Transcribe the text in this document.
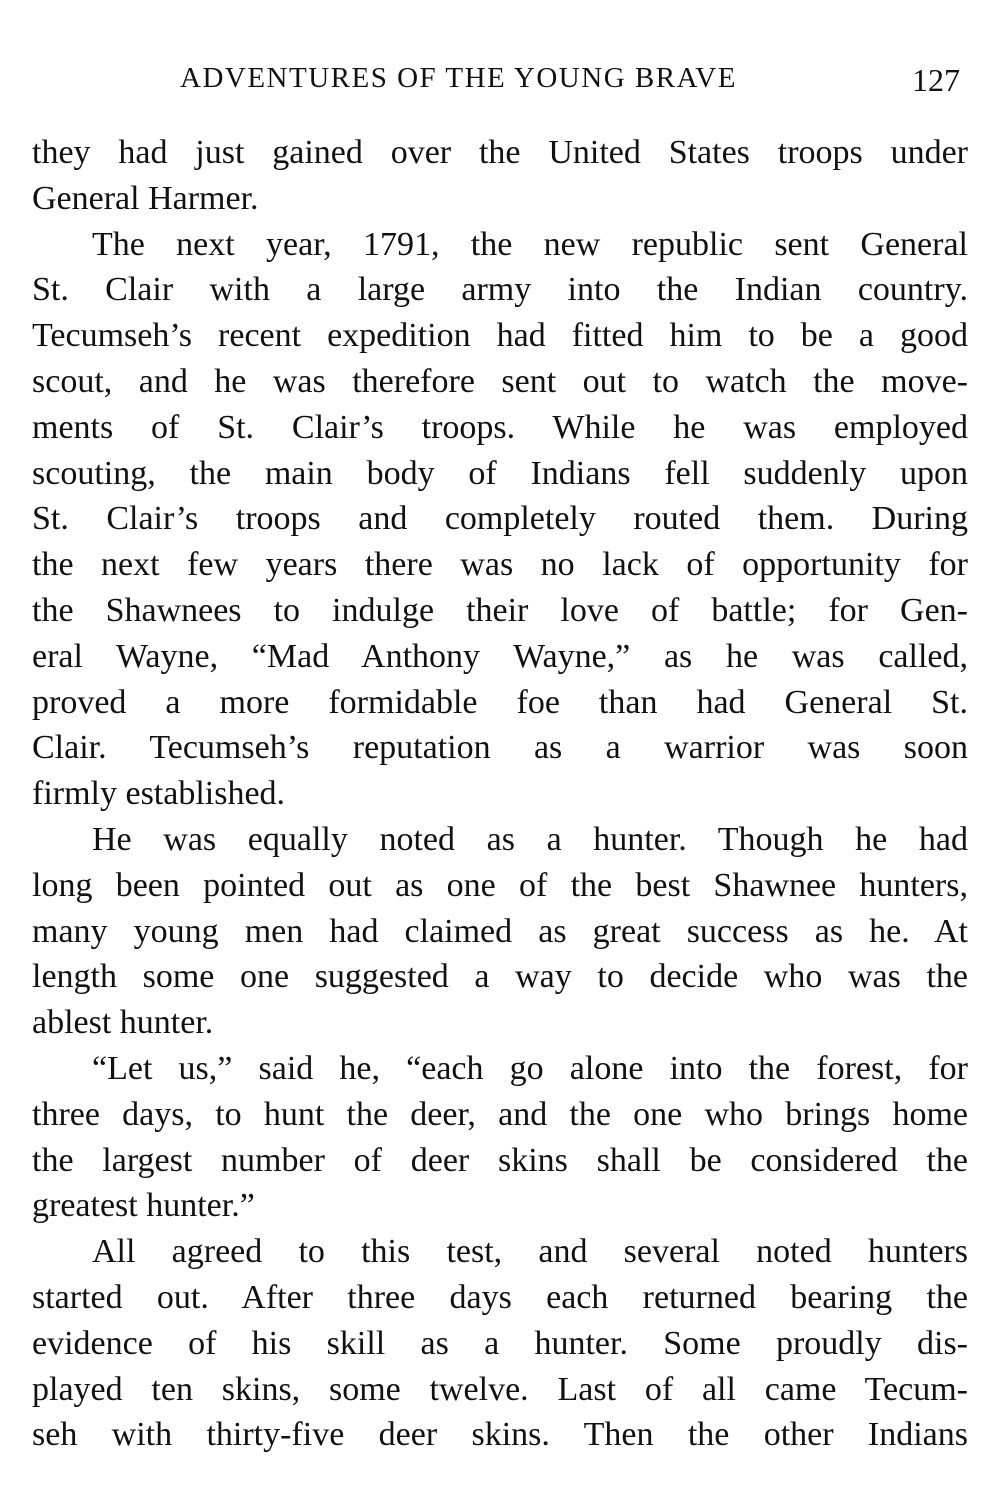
ADVENTURES OF THE YOUNG BRAVE	127
they had just gained over the United States troops under
General Harmer.
The next year, 1791, the new republic sent General
St. Clair with a large army into the Indian country.
Tecumseh’s recent expedition had fitted him to be a good
scout, and he was therefore sent out to watch the move-
ments of St. Clair’s troops. While he was employed
scouting, the main body of Indians fell suddenly upon
St. Clair’s troops and completely routed them. During
the next few years there was no lack of opportunity for
the Shawnees to indulge their love of battle; for Gen-
eral Wayne, “Mad Anthony Wayne,” as he was called,
proved a more formidable foe than had General St.
Clair. Tecumseh’s reputation as a warrior was soon
firmly established.
He was equally noted as a hunter. Though he had
long been pointed out as one of the best Shawnee hunters,
many young men had claimed as great success as he. At
length some one suggested a way to decide who was the
ablest hunter.
“Let us,” said he, “each go alone into the forest, for
three days, to hunt the deer, and the one who brings home
the largest number of deer skins shall be considered the
greatest hunter.”
All agreed to this test, and several noted hunters
started out. After three days each returned bearing the
evidence of his skill as a hunter. Some proudly dis-
played ten skins, some twelve. Last of all came Tecum-
seh with thirty-five deer skins. Then the other Indians
